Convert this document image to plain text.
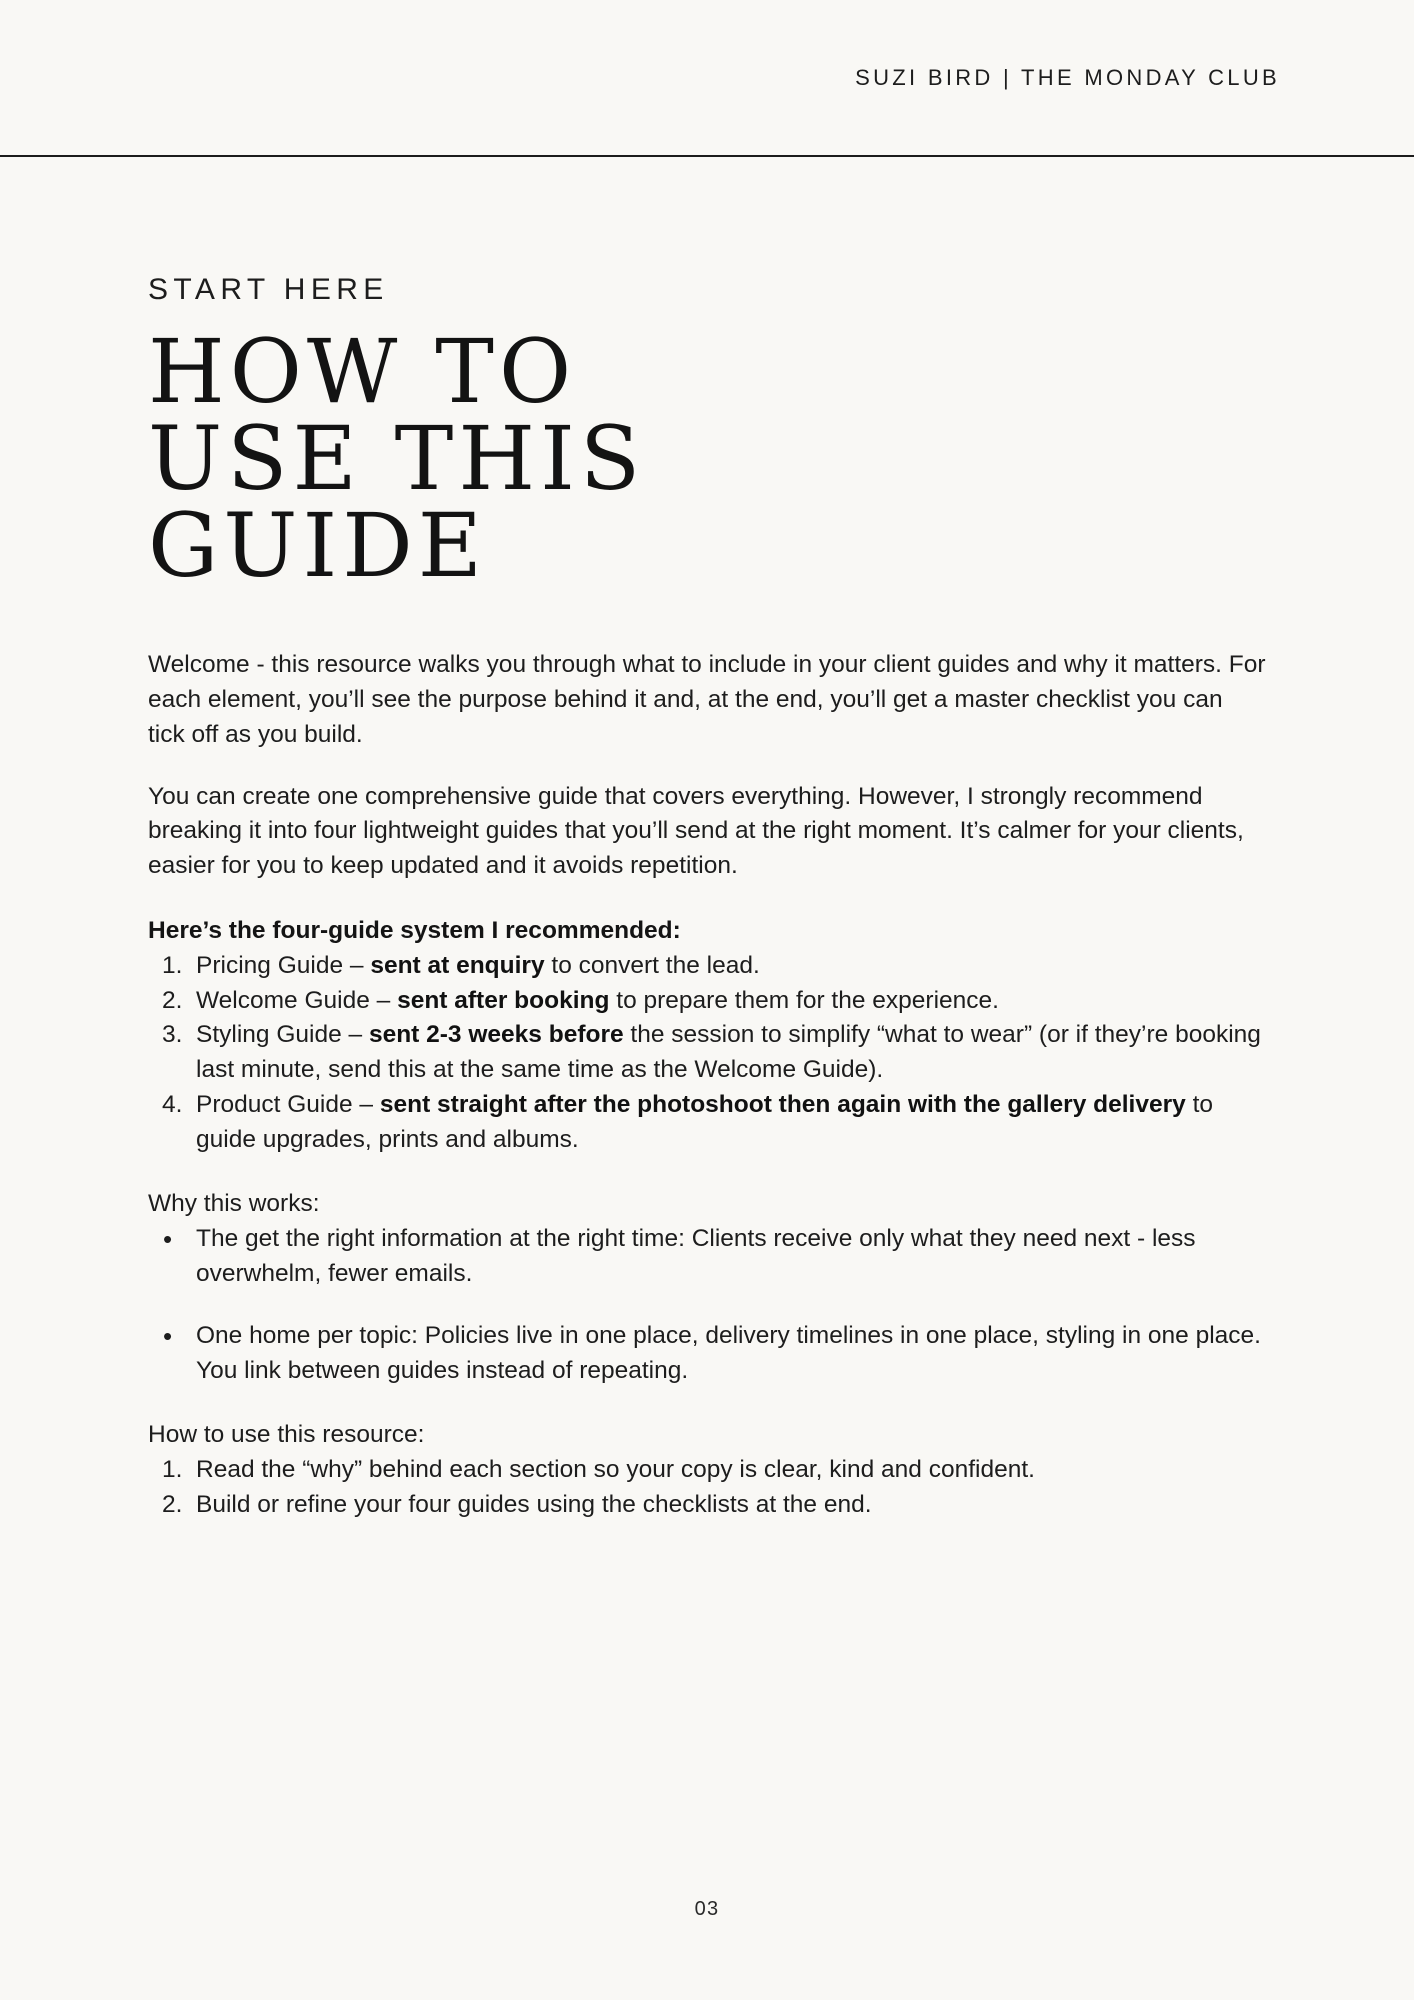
SUZI BIRD | THE MONDAY CLUB
START HERE
HOW TO
USE THIS
GUIDE

Welcome - this resource walks you through what to include in your client guides and why it matters. For each element, you’ll see the purpose behind it and, at the end, you’ll get a master checklist you can tick off as you build.

You can create one comprehensive guide that covers everything. However, I strongly recommend breaking it into four lightweight guides that you’ll send at the right moment. It’s calmer for your clients, easier for you to keep updated and it avoids repetition.

Here’s the four-guide system I recommended:

1. Pricing Guide – sent at enquiry to convert the lead.
2. Welcome Guide – sent after booking to prepare them for the experience.
3. Styling Guide – sent 2-3 weeks before the session to simplify “what to wear” (or if they’re booking last minute, send this at the same time as the Welcome Guide).
4. Product Guide – sent straight after the photoshoot then again with the gallery delivery to guide upgrades, prints and albums.

Why this works:

• The get the right information at the right time: Clients receive only what they need next - less overwhelm, fewer emails.
• One home per topic: Policies live in one place, delivery timelines in one place, styling in one place. You link between guides instead of repeating.

How to use this resource:

1. Read the “why” behind each section so your copy is clear, kind and confident.
2. Build or refine your four guides using the checklists at the end.
03
